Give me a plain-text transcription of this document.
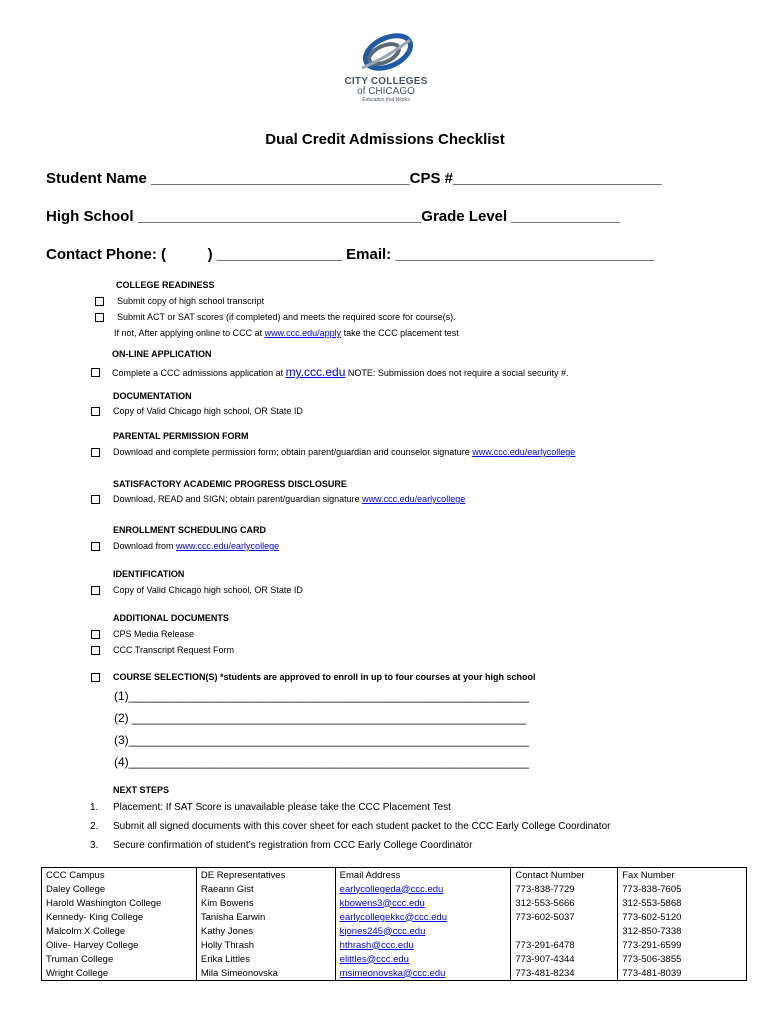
CITY COLLEGES
of CHICAGO
Education that Works
Dual Credit Admissions Checklist
Student Name _______________________________CPS #_________________________
High School __________________________________Grade Level _____________
Contact Phone: (          ) _______________ Email: _______________________________
COLLEGE READINESS
Submit copy of high school transcript
Submit ACT or SAT scores (if completed) and meets the required score for course(s).
If not, After applying online to CCC at www.ccc.edu/apply take the CCC placement test
ON-LINE APPLICATION
Complete a CCC admissions application at my.ccc.edu NOTE: Submission does not require a social security #.
DOCUMENTATION
Copy of Valid Chicago high school, OR State ID
PARENTAL PERMISSION FORM
Download and complete permission form; obtain parent/guardian and counselor signature www.ccc.edu/earlycollege
SATISFACTORY ACADEMIC PROGRESS DISCLOSURE
Download, READ and SIGN; obtain parent/guardian signature www.ccc.edu/earlycollege
ENROLLMENT SCHEDULING CARD
Download from www.ccc.edu/earlycollege
IDENTIFICATION
Copy of Valid Chicago high school, OR State ID
ADDITIONAL DOCUMENTS
CPS Media Release
CCC Transcript Request Form
COURSE SELECTION(S) *students are approved to enroll in up to four courses at your high school
(1)____________________________________________________________
(2) ___________________________________________________________
(3)____________________________________________________________
(4)____________________________________________________________
NEXT STEPS
1. Placement: If SAT Score is unavailable please take the CCC Placement Test
2. Submit all signed documents with this cover sheet for each student packet to the CCC Early College Coordinator
3. Secure confirmation of student’s registration from CCC Early College Coordinator
CCC Campus	DE Representatives	Email Address	Contact Number	Fax Number
Daley College	Raeann Gist	earlycollegeda@ccc.edu	773-838-7729	773-838-7605
Harold Washington College	Kim Bowens	kbowens3@ccc.edu	312-553-5666	312-553-5868
Kennedy- King College	Tanisha Earwin	earlycollegekkc@ccc.edu	773-602-5037	773-602-5120
Malcolm X College	Kathy Jones	kjones245@ccc.edu		312-850-7338
Olive- Harvey College	Holly Thrash	hthrash@ccc.edu	773-291-6478	773-291-6599
Truman College	Erika Littles	elittles@ccc.edu	773-907-4344	773-506-3855
Wright College	Mila Simeonovska	msimeonovska@ccc.edu	773-481-8234	773-481-8039
